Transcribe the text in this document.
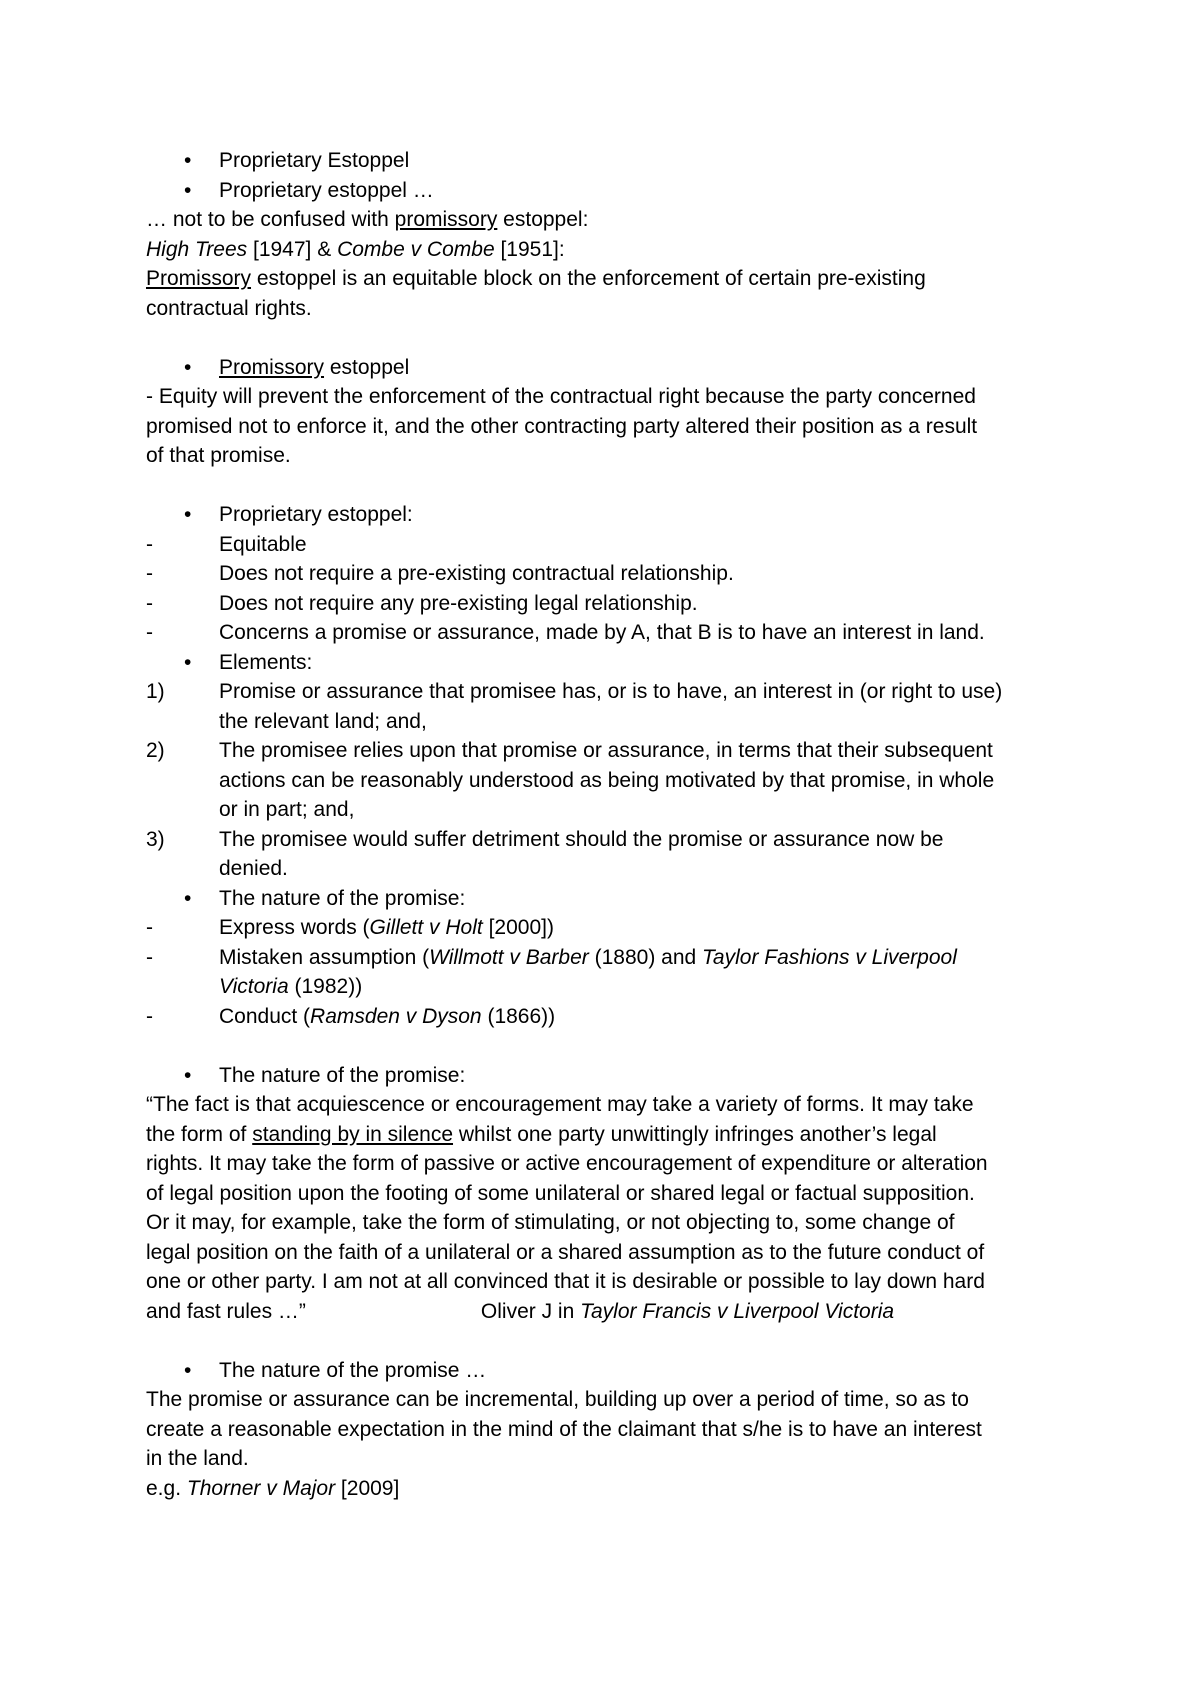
•	Proprietary Estoppel
•	Proprietary estoppel …
… not to be confused with promissory estoppel:
High Trees [1947] & Combe v Combe [1951]:
Promissory estoppel is an equitable block on the enforcement of certain pre-existing
contractual rights.
•	Promissory estoppel
- Equity will prevent the enforcement of the contractual right because the party concerned
promised not to enforce it, and the other contracting party altered their position as a result
of that promise.
•	Proprietary estoppel:
-	Equitable
-	Does not require a pre-existing contractual relationship.
-	Does not require any pre-existing legal relationship.
-	Concerns a promise or assurance, made by A, that B is to have an interest in land.
•	Elements:
1)	Promise or assurance that promisee has, or is to have, an interest in (or right to use)
the relevant land; and,
2)	The promisee relies upon that promise or assurance, in terms that their subsequent
actions can be reasonably understood as being motivated by that promise, in whole
or in part; and,
3)	The promisee would suffer detriment should the promise or assurance now be
denied.
•	The nature of the promise:
-	Express words (Gillett v Holt [2000])
-	Mistaken assumption (Willmott v Barber (1880) and Taylor Fashions v Liverpool
Victoria (1982))
-	Conduct (Ramsden v Dyson (1866))
•	The nature of the promise:
“The fact is that acquiescence or encouragement may take a variety of forms. It may take
the form of standing by in silence whilst one party unwittingly infringes another’s legal
rights. It may take the form of passive or active encouragement of expenditure or alteration
of legal position upon the footing of some unilateral or shared legal or factual supposition.
Or it may, for example, take the form of stimulating, or not objecting to, some change of
legal position on the faith of a unilateral or a shared assumption as to the future conduct of
one or other party. I am not at all convinced that it is desirable or possible to lay down hard
and fast rules …”	Oliver J in Taylor Francis v Liverpool Victoria
•	The nature of the promise …
The promise or assurance can be incremental, building up over a period of time, so as to
create a reasonable expectation in the mind of the claimant that s/he is to have an interest
in the land.
e.g. Thorner v Major [2009]
